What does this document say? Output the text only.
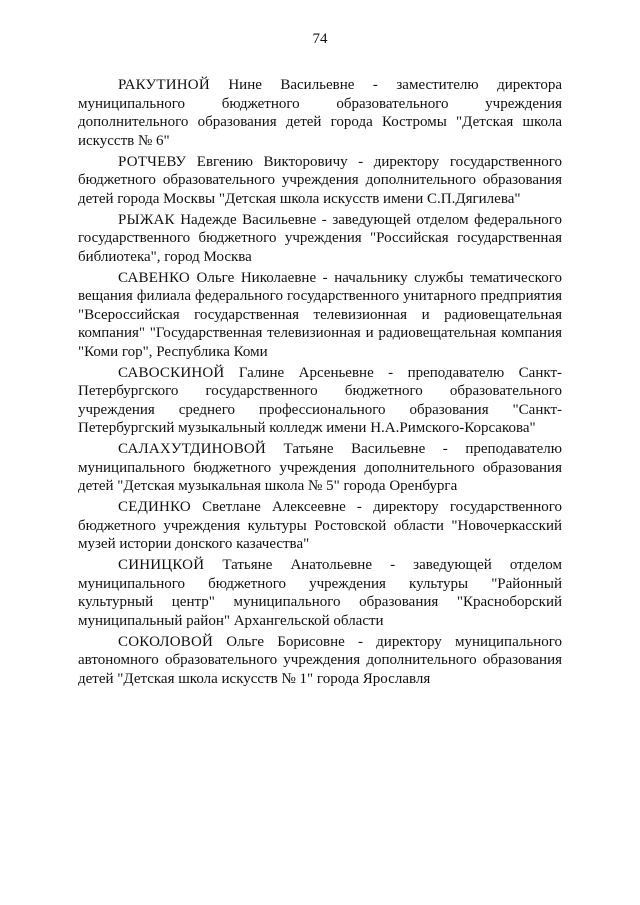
74

РАКУТИНОЙ Нине Васильевне - заместителю директора муниципального бюджетного образовательного учреждения дополнительного образования детей города Костромы "Детская школа искусств № 6"

РОТЧЕВУ Евгению Викторовичу - директору государственного бюджетного образовательного учреждения дополнительного образования детей города Москвы "Детская школа искусств имени С.П.Дягилева"

РЫЖАК Надежде Васильевне - заведующей отделом федерального государственного бюджетного учреждения "Российская государственная библиотека", город Москва

САВЕНКО Ольге Николаевне - начальнику службы тематического вещания филиала федерального государственного унитарного предприятия "Всероссийская государственная телевизионная и радиовещательная компания" "Государственная телевизионная и радиовещательная компания "Коми гор", Республика Коми

САВОСКИНОЙ Галине Арсеньевне - преподавателю Санкт-Петербургского государственного бюджетного образовательного учреждения среднего профессионального образования "Санкт-Петербургский музыкальный колледж имени Н.А.Римского-Корсакова"

САЛАХУТДИНОВОЙ Татьяне Васильевне - преподавателю муниципального бюджетного учреждения дополнительного образования детей "Детская музыкальная школа № 5" города Оренбурга

СЕДИНКО Светлане Алексеевне - директору государственного бюджетного учреждения культуры Ростовской области "Новочеркасский музей истории донского казачества"

СИНИЦКОЙ Татьяне Анатольевне - заведующей отделом муниципального бюджетного учреждения культуры "Районный культурный центр" муниципального образования "Красноборский муниципальный район" Архангельской области

СОКОЛОВОЙ Ольге Борисовне - директору муниципального автономного образовательного учреждения дополнительного образования детей "Детская школа искусств № 1" города Ярославля
